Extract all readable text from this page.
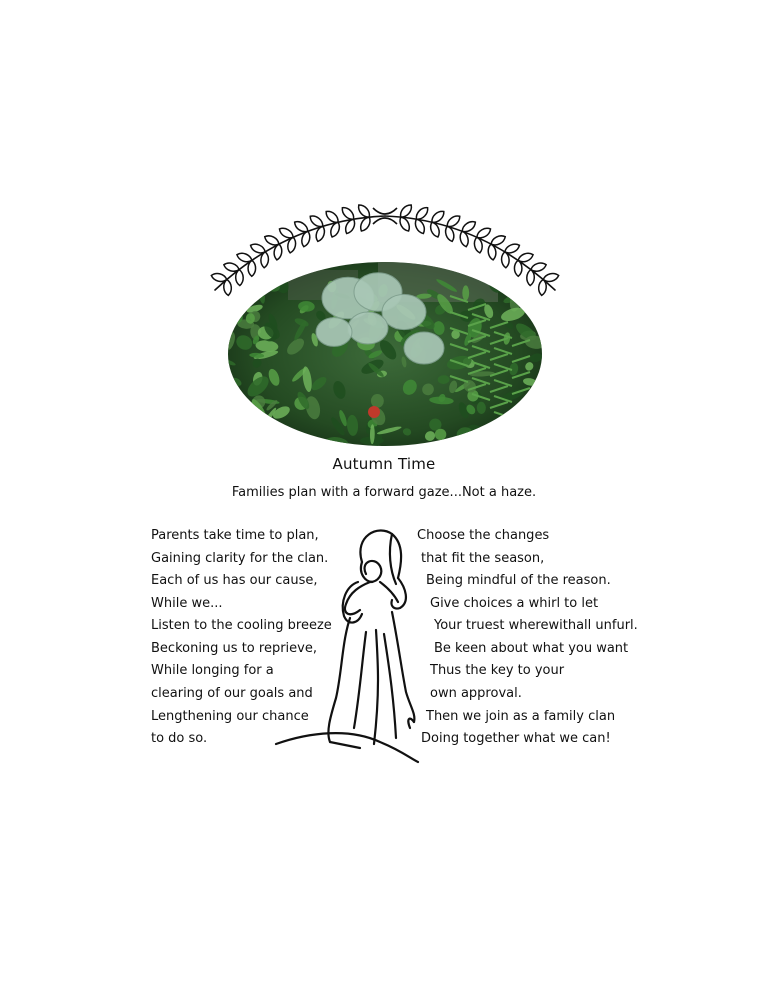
Autumn Time
Families plan with a forward gaze...Not a haze.
Parents take time to plan,
Gaining clarity for the clan.
Each of us has our cause,
While we...
Listen to the cooling breeze
Beckoning us to reprieve,
While longing for a
clearing of our goals and
Lengthening our chance
to do so.
Choose the changes
that fit the season,
Being mindful of the reason.
Give choices a whirl to let
Your truest wherewithall unfurl.
Be keen about what you want
Thus the key to your
own approval.
Then we join as a family clan
Doing together what we can!
